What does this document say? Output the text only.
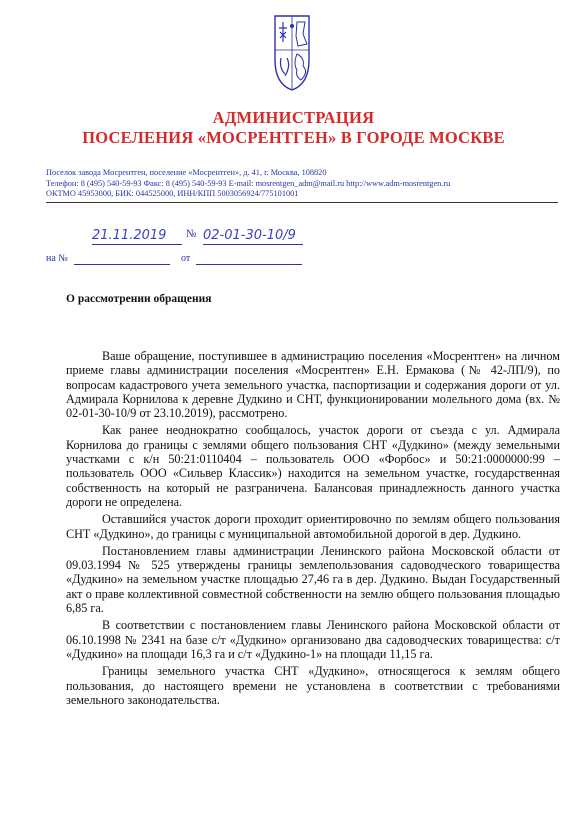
АДМИНИСТРАЦИЯ
ПОСЕЛЕНИЯ «МОСРЕНТГЕН» В ГОРОДЕ МОСКВЕ
Поселок завода Мосрентген, поселение «Мосрентген», д. 41, г. Москва, 108820
Телефон: 8 (495) 540-59-93 Факс: 8 (495) 540-59-93 E-mail: mosrentgen_adm@mail.ru http://www.adm-mosrentgen.ru
ОКТМО 45953000, БИК: 044525000, ИНН/КПП 5003056924/775101001
21.11.2019	№ 02-01-30-10/9
на №	от
О рассмотрении обращения

Ваше обращение, поступившее в администрацию поселения «Мосрентген» на личном приеме главы администрации поселения «Мосрентген» Е.Н. Ермакова (№ 42-ЛП/9), по вопросам кадастрового учета земельного участка, паспортизации и содержания дороги от ул. Адмирала Корнилова к деревне Дудкино и СНТ, функционировании молельного дома (вх. № 02-01-30-10/9 от 23.10.2019), рассмотрено.

Как ранее неоднократно сообщалось, участок дороги от съезда с ул. Адмирала Корнилова до границы с землями общего пользования СНТ «Дудкино» (между земельными участками с к/н 50:21:0110404 – пользователь ООО «Форбос» и 50:21:0000000:99 – пользователь ООО «Сильвер Классик») находится на земельном участке, государственная собственность на который не разграничена. Балансовая принадлежность данного участка дороги не определена.

Оставшийся участок дороги проходит ориентировочно по землям общего пользования СНТ «Дудкино», до границы с муниципальной автомобильной дорогой в дер. Дудкино.

Постановлением главы администрации Ленинского района Московской области от 09.03.1994 № 525 утверждены границы землепользования садоводческого товарищества «Дудкино» на земельном участке площадью 27,46 га в дер. Дудкино. Выдан Государственный акт о праве коллективной совместной собственности на землю общего пользования площадью 6,85 га.

В соответствии с постановлением главы Ленинского района Московской области от 06.10.1998 № 2341 на базе с/т «Дудкино» организовано два садоводческих товарищества: с/т «Дудкино» на площади 16,3 га и с/т «Дудкино-1» на площади 11,15 га.

Границы земельного участка СНТ «Дудкино», относящегося к землям общего пользования, до настоящего времени не установлена в соответствии с требованиями земельного законодательства.
